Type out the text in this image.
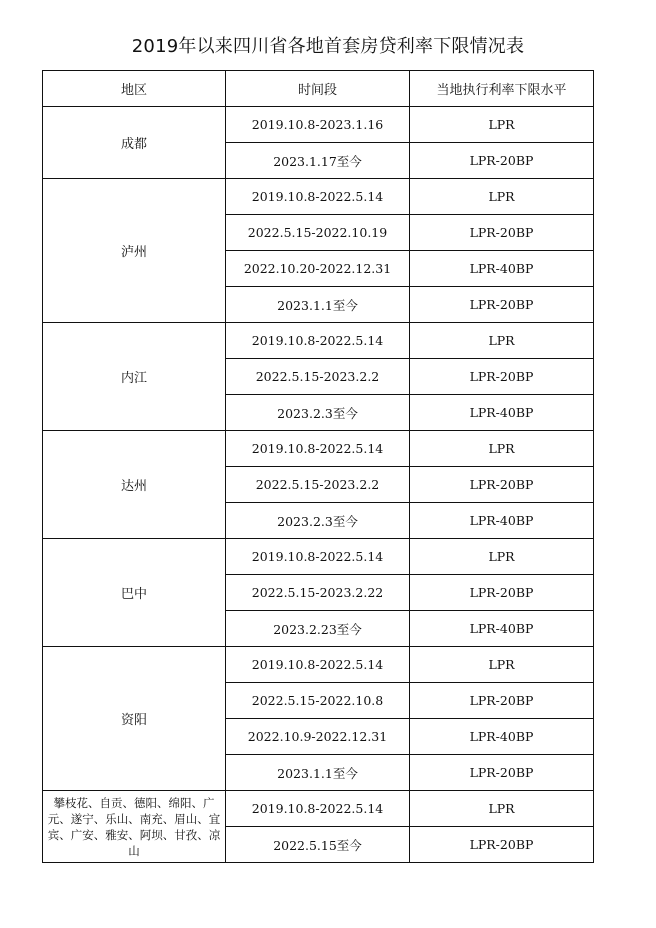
2019年以来四川省各地首套房贷利率下限情况表
地区	时间段	当地执行利率下限水平
成都	2019.10.8-2023.1.16	LPR
	2023.1.17至今	LPR-20BP
泸州	2019.10.8-2022.5.14	LPR
	2022.5.15-2022.10.19	LPR-20BP
	2022.10.20-2022.12.31	LPR-40BP
	2023.1.1至今	LPR-20BP
内江	2019.10.8-2022.5.14	LPR
	2022.5.15-2023.2.2	LPR-20BP
	2023.2.3至今	LPR-40BP
达州	2019.10.8-2022.5.14	LPR
	2022.5.15-2023.2.2	LPR-20BP
	2023.2.3至今	LPR-40BP
巴中	2019.10.8-2022.5.14	LPR
	2022.5.15-2023.2.22	LPR-20BP
	2023.2.23至今	LPR-40BP
资阳	2019.10.8-2022.5.14	LPR
	2022.5.15-2022.10.8	LPR-20BP
	2022.10.9-2022.12.31	LPR-40BP
	2023.1.1至今	LPR-20BP
攀枝花、自贡、德阳、绵阳、广元、遂宁、乐山、南充、眉山、宜宾、广安、雅安、阿坝、甘孜、凉山	2019.10.8-2022.5.14	LPR
	2022.5.15至今	LPR-20BP
